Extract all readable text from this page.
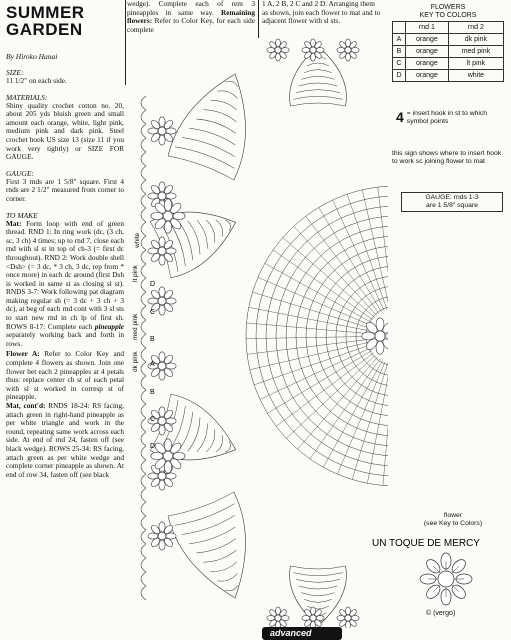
SUMMER
GARDEN
By Hiroko Hanai
SIZE:

11 1/2" on each side.

MATERIALS:

Shiny quality crochet cotton no. 20, about 205 yds bluish green and small amount each orange, white, light pink, medium pink and dark pink. Steel crochet hook US size 13 (size 11 if you work very tightly) or SIZE FOR GAUGE.

GAUGE:

First 3 rnds are 1 5/8" square. First 4 rnds are 2 1/2" measured from corner to corner.

TO MAKE

Mat: Form loop with end of green thread. RND 1: In ring work (dc, (3 ch, sc, 3 ch) 4 times; up to rnd 7, close each rnd with sl st in top of ch-3 (= first dc throughout). RND 2: Work double shell <Dsh> (= 3 dc, * 3 ch, 3 dc, rep from * once more) in each dc around (first Dsh is worked in same st as closing sl st). RNDS 3-7: Work following pat diagram making regular sh (= 3 dc + 3 ch + 3 dc), at beg of each rnd cont with 3 sl sts to start new rnd in ch lp of first sh. ROWS 8-17: Complete each pineapple separately working back and forth in rows.

Flower A: Refer to Color Key and complete 4 flowers as shown. Join one flower bet each 2 pineapples at 4 petals thus: replace center ch st of each petal with sl st worked in corresp st of pineapple.

Mat, cont'd: RNDS 18-24: RS facing, attach green in right-hand pineapple as per white triangle and work in the round, repeating same work across each side. At end of rnd 24, fasten off (see black wedge). ROWS 25-34: RS facing, attach green as per white wedge and complete corner pineapple as shown. At end of row 34, fasten off (see black

wedge). Complete each of rem 3 pineapples in same way. Remaining flowers: Refer to Color Key, for each side complete

1 A, 2 B, 2 C and 2 D. Arranging them as shown, join each flower to mat and to adjacent flower with sl sts.

D
C
B
A
B
C
D
white
lt pink
med pink
dk pink
FLOWERS
KEY TO COLORS
	rnd 1	rnd 2
A	orange	dk pink
B	orange	med pink
C	orange	lt pink
D	orange	white
4 = insert hook in st to which symbol points
this sign shows where to insert hook to work sc joining flower to mat
GAUGE: rnds 1-3
are 1 5/8" square
flower
(see Key to Colors)
UN TOQUE DE MERCY
© (vergo)
advanced
